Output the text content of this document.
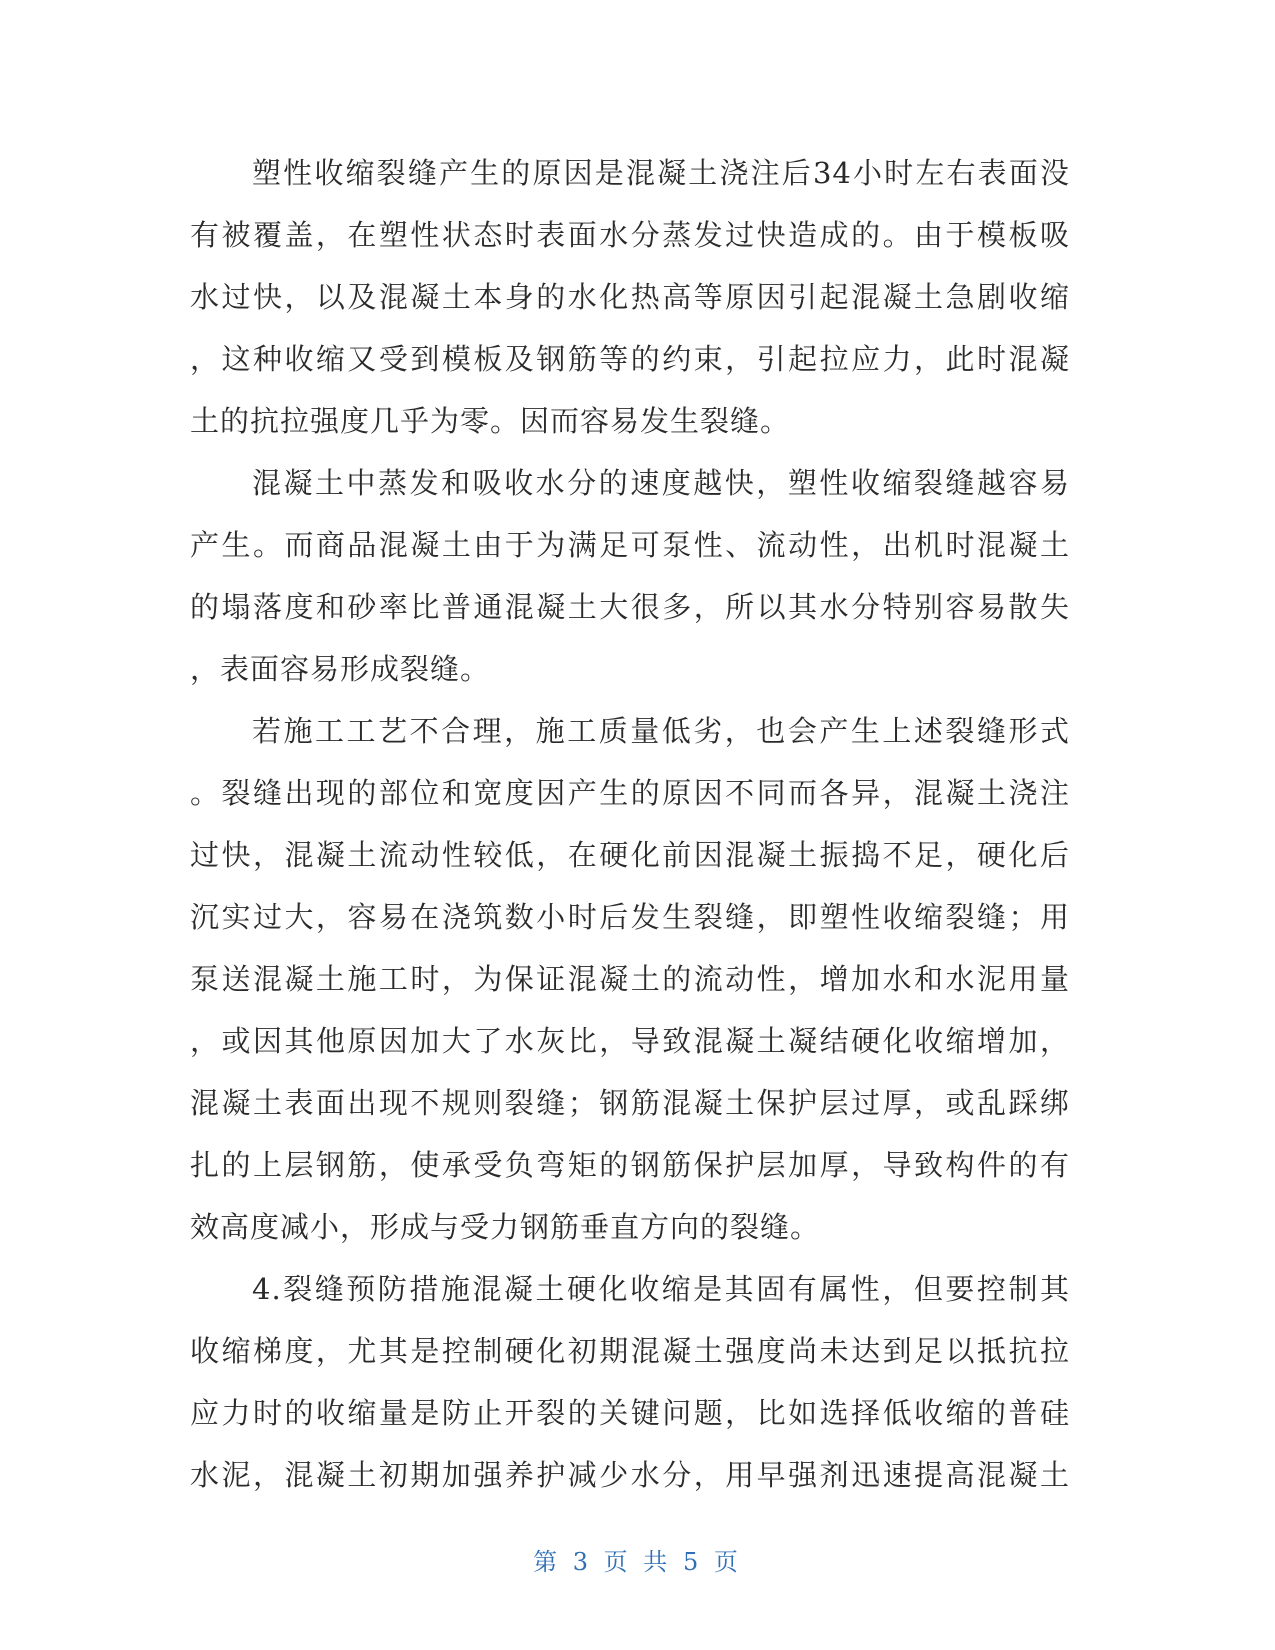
塑性收缩裂缝产生的原因是混凝土浇注后34小时左右表面没
有被覆盖，在塑性状态时表面水分蒸发过快造成的。由于模板吸
水过快，以及混凝土本身的水化热高等原因引起混凝土急剧收缩
，这种收缩又受到模板及钢筋等的约束，引起拉应力，此时混凝
土的抗拉强度几乎为零。因而容易发生裂缝。
混凝土中蒸发和吸收水分的速度越快，塑性收缩裂缝越容易
产生。而商品混凝土由于为满足可泵性、流动性，出机时混凝土
的塌落度和砂率比普通混凝土大很多，所以其水分特别容易散失
，表面容易形成裂缝。
若施工工艺不合理，施工质量低劣，也会产生上述裂缝形式
。裂缝出现的部位和宽度因产生的原因不同而各异，混凝土浇注
过快，混凝土流动性较低，在硬化前因混凝土振捣不足，硬化后
沉实过大，容易在浇筑数小时后发生裂缝，即塑性收缩裂缝；用
泵送混凝土施工时，为保证混凝土的流动性，增加水和水泥用量
，或因其他原因加大了水灰比，导致混凝土凝结硬化收缩增加，
混凝土表面出现不规则裂缝；钢筋混凝土保护层过厚，或乱踩绑
扎的上层钢筋，使承受负弯矩的钢筋保护层加厚，导致构件的有
效高度减小，形成与受力钢筋垂直方向的裂缝。
4.裂缝预防措施混凝土硬化收缩是其固有属性，但要控制其
收缩梯度，尤其是控制硬化初期混凝土强度尚未达到足以抵抗拉
应力时的收缩量是防止开裂的关键问题，比如选择低收缩的普硅
水泥，混凝土初期加强养护减少水分，用早强剂迅速提高混凝土
第 3 页 共 5 页
